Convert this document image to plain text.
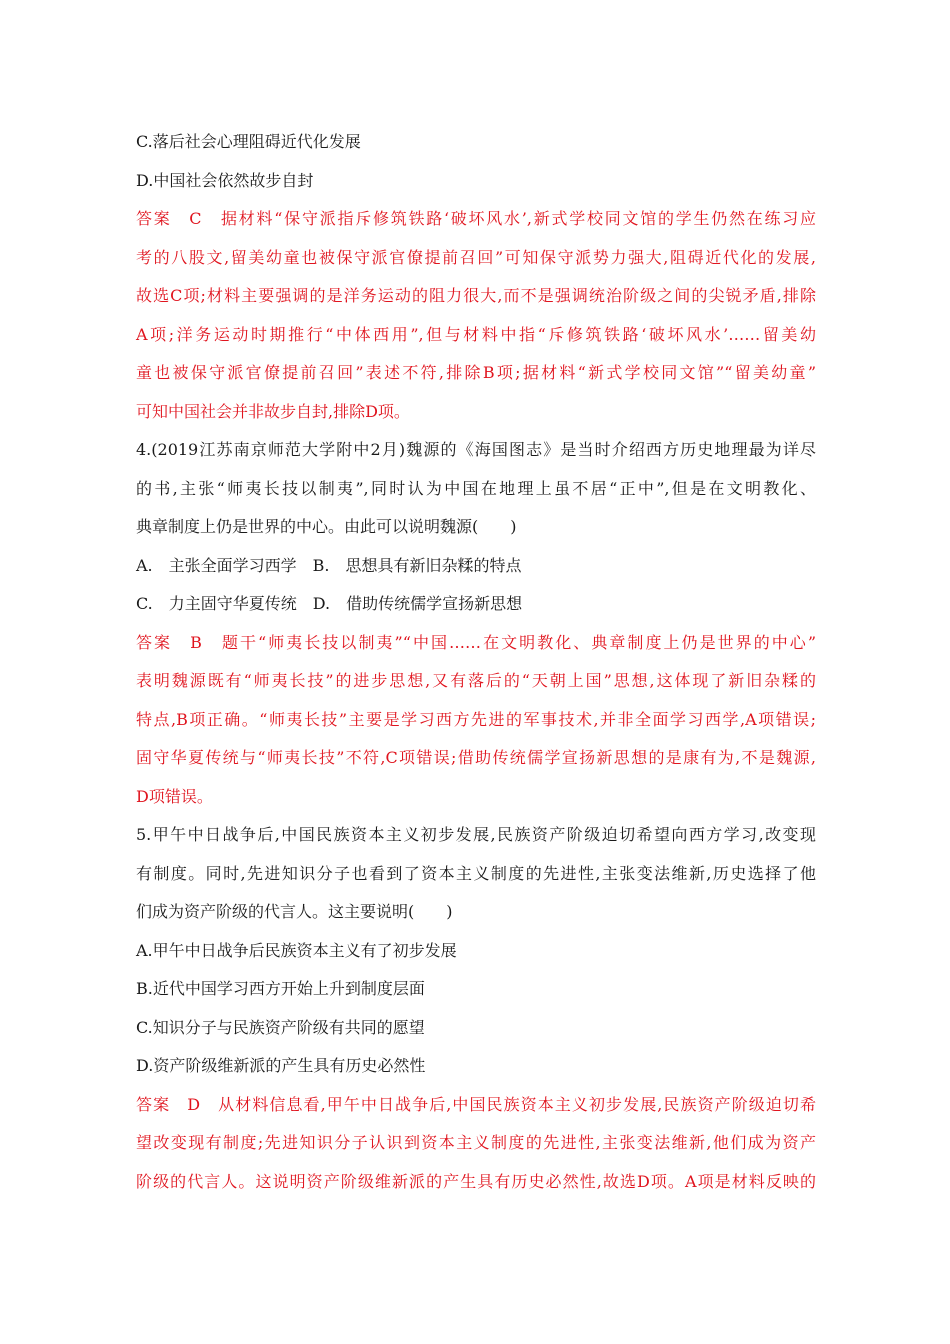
C.落后社会心理阻碍近代化发展
D.中国社会依然故步自封
答案　C　据材料“保守派指斥修筑铁路‘破坏风水’,新式学校同文馆的学生仍然在练习应
考的八股文,留美幼童也被保守派官僚提前召回”可知保守派势力强大,阻碍近代化的发展,
故选C项;材料主要强调的是洋务运动的阻力很大,而不是强调统治阶级之间的尖锐矛盾,排除
A项;洋务运动时期推行“中体西用”,但与材料中指“斥修筑铁路‘破坏风水’……留美幼
童也被保守派官僚提前召回”表述不符,排除B项;据材料“新式学校同文馆”“留美幼童”
可知中国社会并非故步自封,排除D项。
4.(2019江苏南京师范大学附中2月)魏源的《海国图志》是当时介绍西方历史地理最为详尽
的书,主张“师夷长技以制夷”,同时认为中国在地理上虽不居“正中”,但是在文明教化、
典章制度上仍是世界的中心。由此可以说明魏源(　　)
A.　主张全面学习西学　B.　思想具有新旧杂糅的特点
C.　力主固守华夏传统　D.　借助传统儒学宣扬新思想
答案　B　题干“师夷长技以制夷”“中国……在文明教化、典章制度上仍是世界的中心”
表明魏源既有“师夷长技”的进步思想,又有落后的“天朝上国”思想,这体现了新旧杂糅的
特点,B项正确。“师夷长技”主要是学习西方先进的军事技术,并非全面学习西学,A项错误;
固守华夏传统与“师夷长技”不符,C项错误;借助传统儒学宣扬新思想的是康有为,不是魏源,
D项错误。
5.甲午中日战争后,中国民族资本主义初步发展,民族资产阶级迫切希望向西方学习,改变现
有制度。同时,先进知识分子也看到了资本主义制度的先进性,主张变法维新,历史选择了他
们成为资产阶级的代言人。这主要说明(　　)
A.甲午中日战争后民族资本主义有了初步发展
B.近代中国学习西方开始上升到制度层面
C.知识分子与民族资产阶级有共同的愿望
D.资产阶级维新派的产生具有历史必然性
答案　D　从材料信息看,甲午中日战争后,中国民族资本主义初步发展,民族资产阶级迫切希
望改变现有制度;先进知识分子认识到资本主义制度的先进性,主张变法维新,他们成为资产
阶级的代言人。这说明资产阶级维新派的产生具有历史必然性,故选D项。A项是材料反映的
